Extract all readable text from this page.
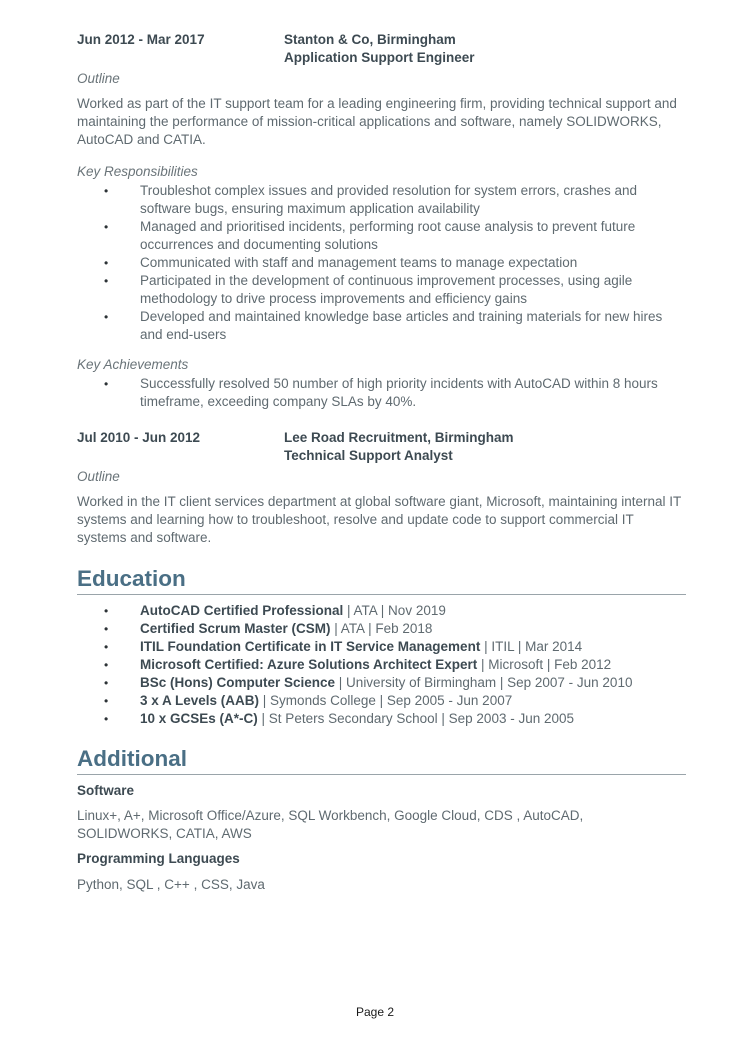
Jun 2012 - Mar 2017	Stanton & Co, Birmingham
Application Support Engineer
Outline
Worked as part of the IT support team for a leading engineering firm, providing technical support and maintaining the performance of mission-critical applications and software, namely SOLIDWORKS, AutoCAD and CATIA.
Key Responsibilities
• Troubleshot complex issues and provided resolution for system errors, crashes and software bugs, ensuring maximum application availability
• Managed and prioritised incidents, performing root cause analysis to prevent future occurrences and documenting solutions
• Communicated with staff and management teams to manage expectation
• Participated in the development of continuous improvement processes, using agile methodology to drive process improvements and efficiency gains
• Developed and maintained knowledge base articles and training materials for new hires and end-users
Key Achievements
• Successfully resolved 50 number of high priority incidents with AutoCAD within 8 hours timeframe, exceeding company SLAs by 40%.
Jul 2010 - Jun 2012	Lee Road Recruitment, Birmingham
Technical Support Analyst
Outline
Worked in the IT client services department at global software giant, Microsoft, maintaining internal IT systems and learning how to troubleshoot, resolve and update code to support commercial IT systems and software.
Education
• AutoCAD Certified Professional | ATA | Nov 2019
• Certified Scrum Master (CSM) | ATA | Feb 2018
• ITIL Foundation Certificate in IT Service Management | ITIL | Mar 2014
• Microsoft Certified: Azure Solutions Architect Expert | Microsoft | Feb 2012
• BSc (Hons) Computer Science | University of Birmingham | Sep 2007 - Jun 2010
• 3 x A Levels (AAB) | Symonds College | Sep 2005 - Jun 2007
• 10 x GCSEs (A*-C) | St Peters Secondary School | Sep 2003 - Jun 2005
Additional
Software
Linux+, A+, Microsoft Office/Azure, SQL Workbench, Google Cloud, CDS , AutoCAD, SOLIDWORKS, CATIA, AWS
Programming Languages
Python, SQL , C++ , CSS, Java
Page 2
